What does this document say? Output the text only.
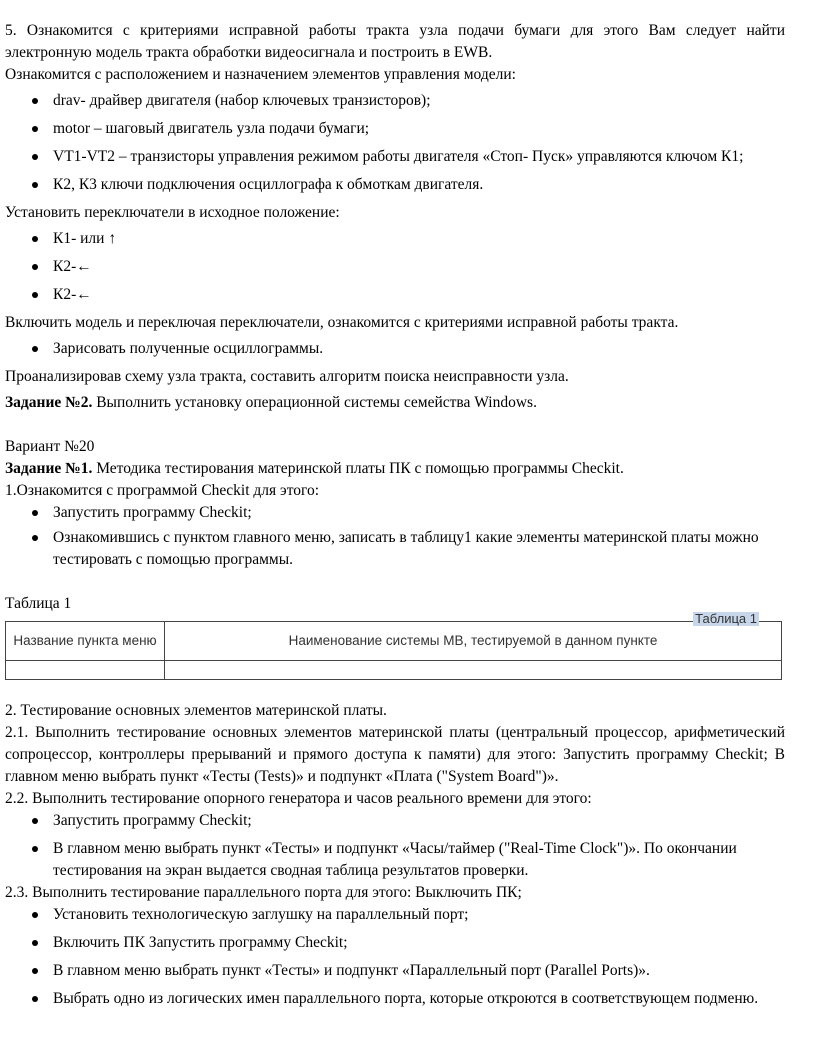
5. Ознакомится с критериями исправной работы тракта узла подачи бумаги для этого Вам следует найти электронную модель тракта обработки видеосигнала и построить в EWB.

Ознакомится с расположением и назначением элементов управления модели:

drav- драйвер двигателя (набор ключевых транзисторов);
motor – шаговый двигатель узла подачи бумаги;
VT1-VT2 – транзисторы управления режимом работы двигателя «Стоп- Пуск» управляются ключом К1;
К2, К3 ключи подключения осциллографа к обмоткам двигателя.

Установить переключатели в исходное положение:

К1- или ↑
К2-←
К2-←

Включить модель и переключая переключатели, ознакомится с критериями исправной работы тракта.

Зарисовать полученные осциллограммы.

Проанализировав схему узла тракта, составить алгоритм поиска неисправности узла.

Задание №2. Выполнить установку операционной системы семейства Windows.

Вариант №20

Задание №1. Методика тестирования материнской платы ПК с помощью программы Checkit.

1.Ознакомится с программой Checkit для этого:

Запустить программу Checkit;
Ознакомившись с пунктом главного меню, записать в таблицу1 какие элементы материнской платы можно тестировать с помощью программы.

Таблица 1

Таблица 1
Название пункта меню	Наименование системы МВ, тестируемой в данном пункте

2. Тестирование основных элементов материнской платы.

2.1. Выполнить тестирование основных элементов материнской платы (центральный процессор, арифметический сопроцессор, контроллеры прерываний и прямого доступа к памяти) для этого: Запустить программу Checkit; В главном меню выбрать пункт «Тесты (Tests)» и подпункт «Плата ("System Board")».

2.2. Выполнить тестирование опорного генератора и часов реального времени для этого:

Запустить программу Checkit;
В главном меню выбрать пункт «Тесты» и подпункт «Часы/таймер ("Real-Time Clock")». По окончании тестирования на экран выдается сводная таблица результатов проверки.

2.3. Выполнить тестирование параллельного порта для этого: Выключить ПК;

Установить технологическую заглушку на параллельный порт;
Включить ПК Запустить программу Checkit;
В главном меню выбрать пункт «Тесты» и подпункт «Параллельный порт (Parallel Ports)».
Выбрать одно из логических имен параллельного порта, которые откроются в соответствующем подменю.
